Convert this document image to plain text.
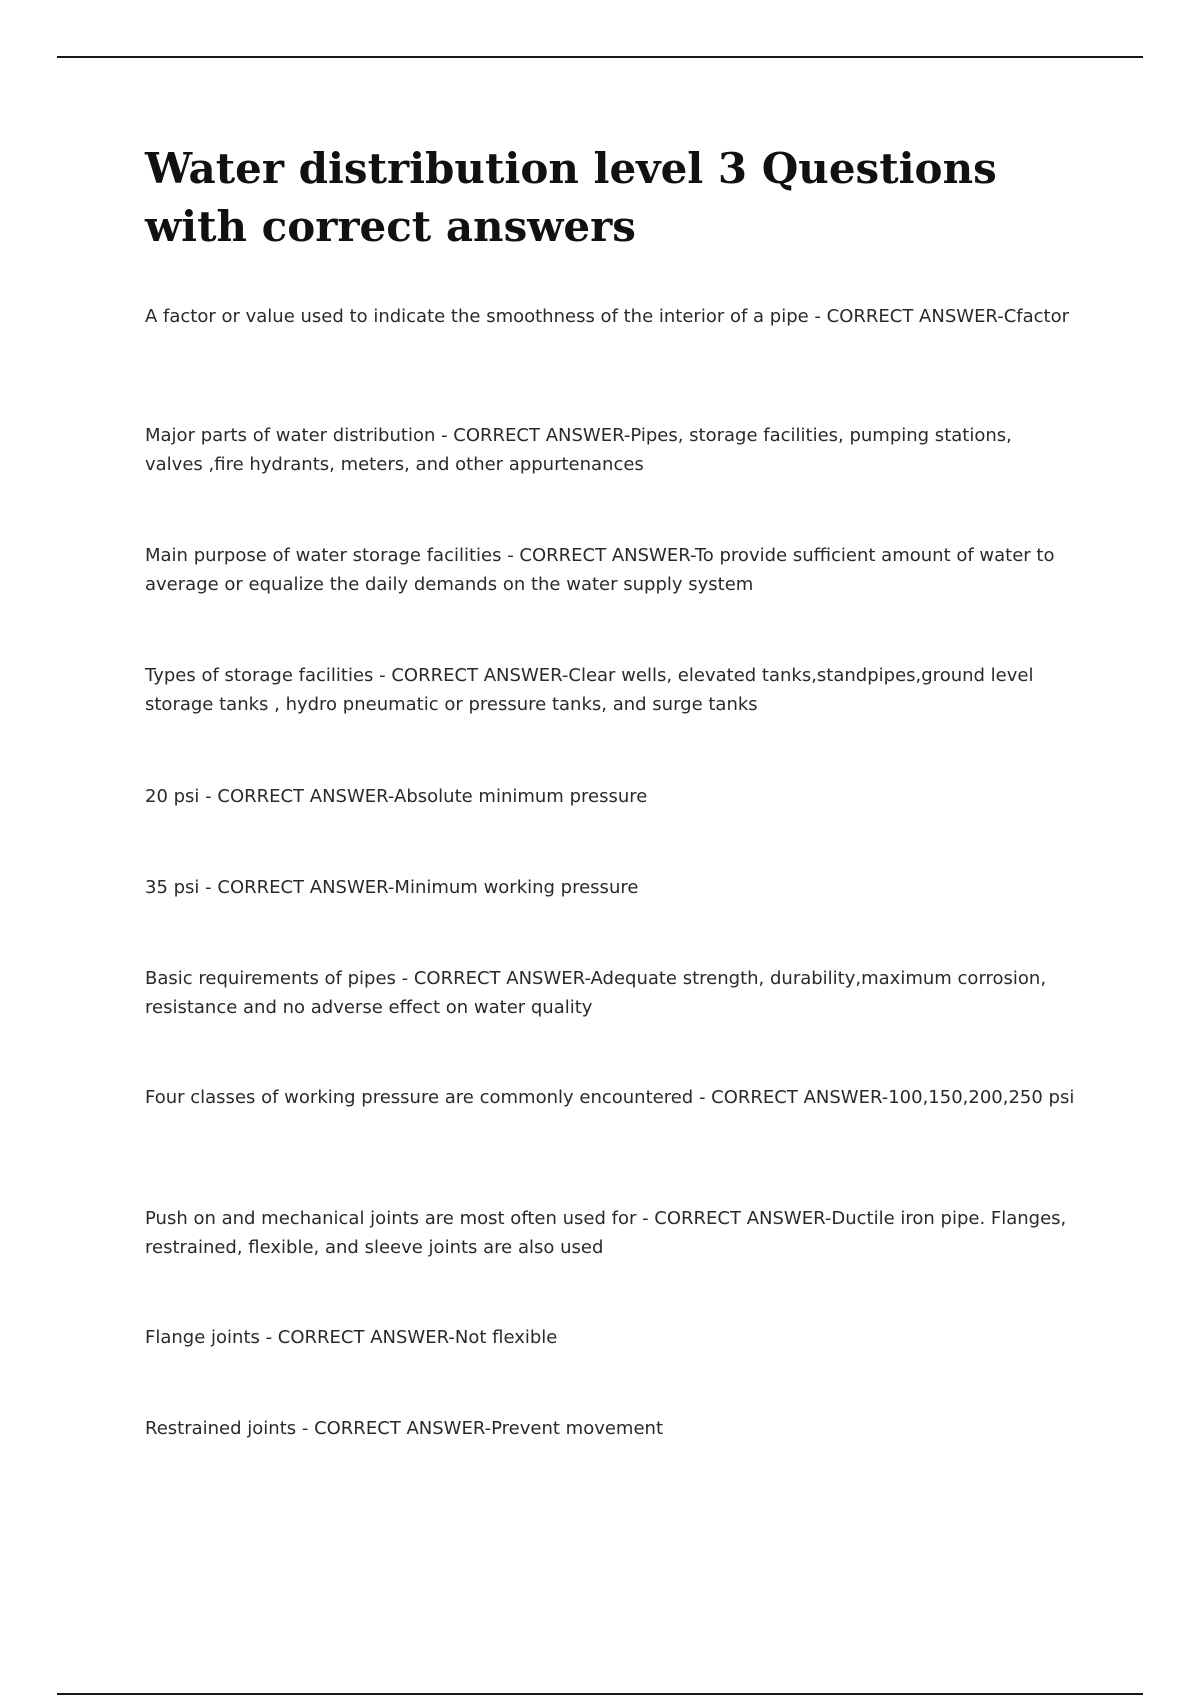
Water distribution level 3 Questions with correct answers

A factor or value used to indicate the smoothness of the interior of a pipe - CORRECT ANSWER-Cfactor

Major parts of water distribution - CORRECT ANSWER-Pipes, storage facilities, pumping stations, valves ,fire hydrants, meters, and other appurtenances

Main purpose of water storage facilities - CORRECT ANSWER-To provide sufficient amount of water to average or equalize the daily demands on the water supply system

Types of storage facilities - CORRECT ANSWER-Clear wells, elevated tanks,standpipes,ground level storage tanks , hydro pneumatic or pressure tanks, and surge tanks

20 psi - CORRECT ANSWER-Absolute minimum pressure

35 psi - CORRECT ANSWER-Minimum working pressure

Basic requirements of pipes - CORRECT ANSWER-Adequate strength, durability,maximum corrosion, resistance and no adverse effect on water quality

Four classes of working pressure are commonly encountered - CORRECT ANSWER-100,150,200,250 psi

Push on and mechanical joints are most often used for - CORRECT ANSWER-Ductile iron pipe. Flanges, restrained, flexible, and sleeve joints are also used

Flange joints - CORRECT ANSWER-Not flexible

Restrained joints - CORRECT ANSWER-Prevent movement
